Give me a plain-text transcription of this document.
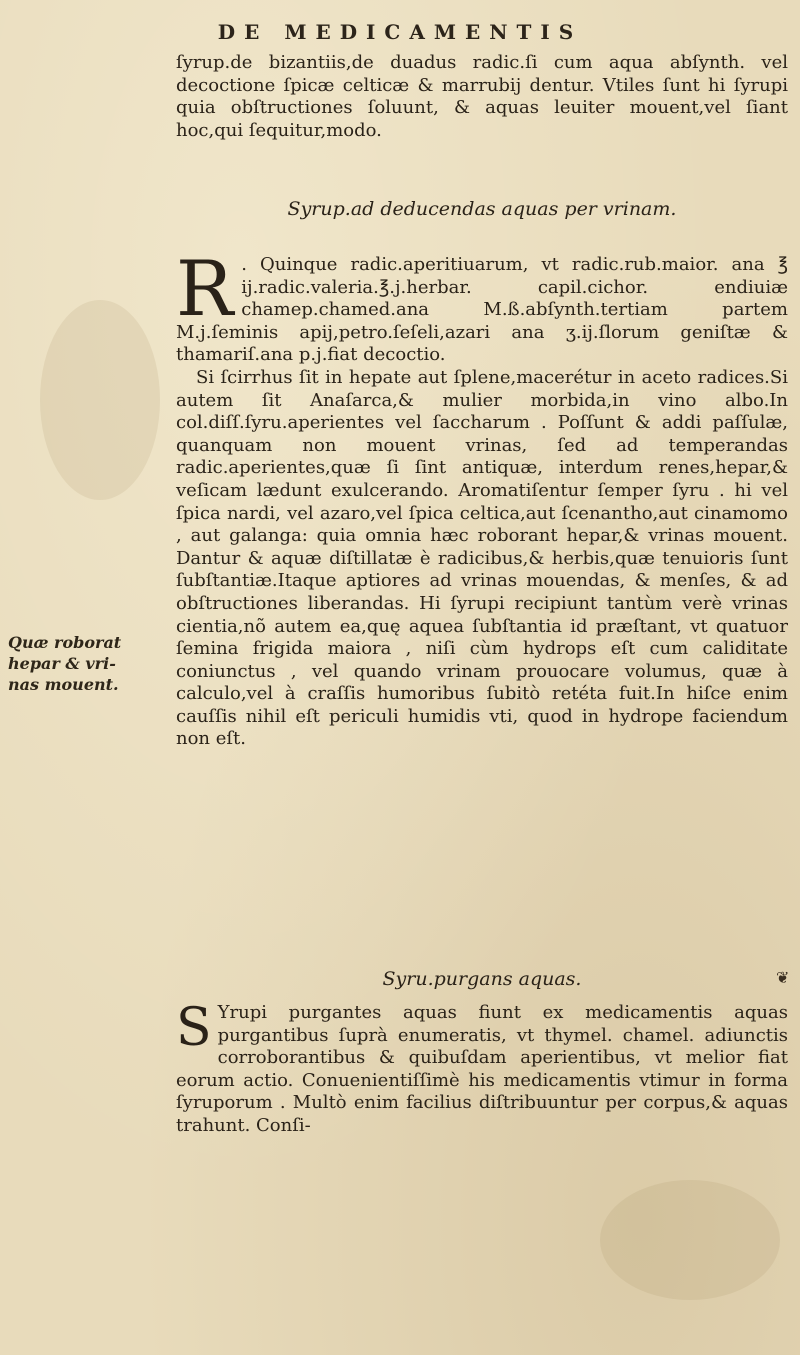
DE MEDICAMENTIS

ſyrup.de bizantiis,de duadus radic.ſi cum aqua abſynth. vel decoctione ſpicæ celticæ & marrubij dentur. Vtiles ſunt hi ſyrupi quia obſtructiones ſoluunt, & aquas leuiter mouent,vel ſiant hoc,qui ſequitur,modo.

Syrup.ad deducendas aquas per vrinam.

R . Quinque radic.aperitiuarum, vt radic.rub.maior. ana ℥ ij.radic.valeria.℥.j.herbar. capil.cichor. endiuiæ chamep.chamed.ana M.ß.abſynth.tertiam partem M.j.ſeminis apij,petro.ſeſeli,azari ana ʒ.ij.ſlorum geniſtæ & thamariſ.ana p.j.fiat decoctio.

Si ſcirrhus ſit in hepate aut ſplene,macerétur in aceto radices.Si autem ſit Anaſarca,& mulier morbida,in vino albo.In col.diſſ.ſyru.aperientes vel ſaccharum . Poſſunt & addi paſſulæ, quanquam non mouent vrinas, ſed ad temperandas radic.aperientes,quæ ſi ſint antiquæ, interdum renes,hepar,& veſicam lædunt exulcerando. Aromatiſentur ſemper ſyru . hi vel ſpica nardi, vel azaro,vel ſpica celtica,aut ſcenantho,aut cinamomo , aut galanga: quia omnia hæc roborant hepar,& vrinas mouent. Dantur & aquæ diſtillatæ è radicibus,& herbis,quæ tenuioris ſunt ſubſtantiæ.Itaque aptiores ad vrinas mouendas, & menſes, & ad obſtructiones liberandas. Hi ſyrupi recipiunt tantùm verè vrinas cientia,nõ autem ea,quę aquea ſubſtantia id præſtant, vt quatuor ſemina frigida maiora , niſi cùm hydrops eſt cum caliditate coniunctus , vel quando vrinam prouocare volumus, quæ à calculo,vel à craſſis humoribus ſubitò retéta fuit.In hiſce enim cauſſis nihil eſt periculi humidis vti, quod in hydrope faciendum non eſt.

Quæ roborat
hepar & vri-
nas mouent.
Syru.purgans aquas.	❦

S Yrupi purgantes aquas fiunt ex medicamentis aquas purgantibus ſuprà enumeratis, vt thymel. chamel. adiunctis corroborantibus & quibuſdam aperientibus, vt melior fiat eorum actio. Conuenientiſſimè his medicamentis vtimur in forma ſyruporum . Multò enim facilius diſtribuuntur per corpus,& aquas trahunt. Conſi-
